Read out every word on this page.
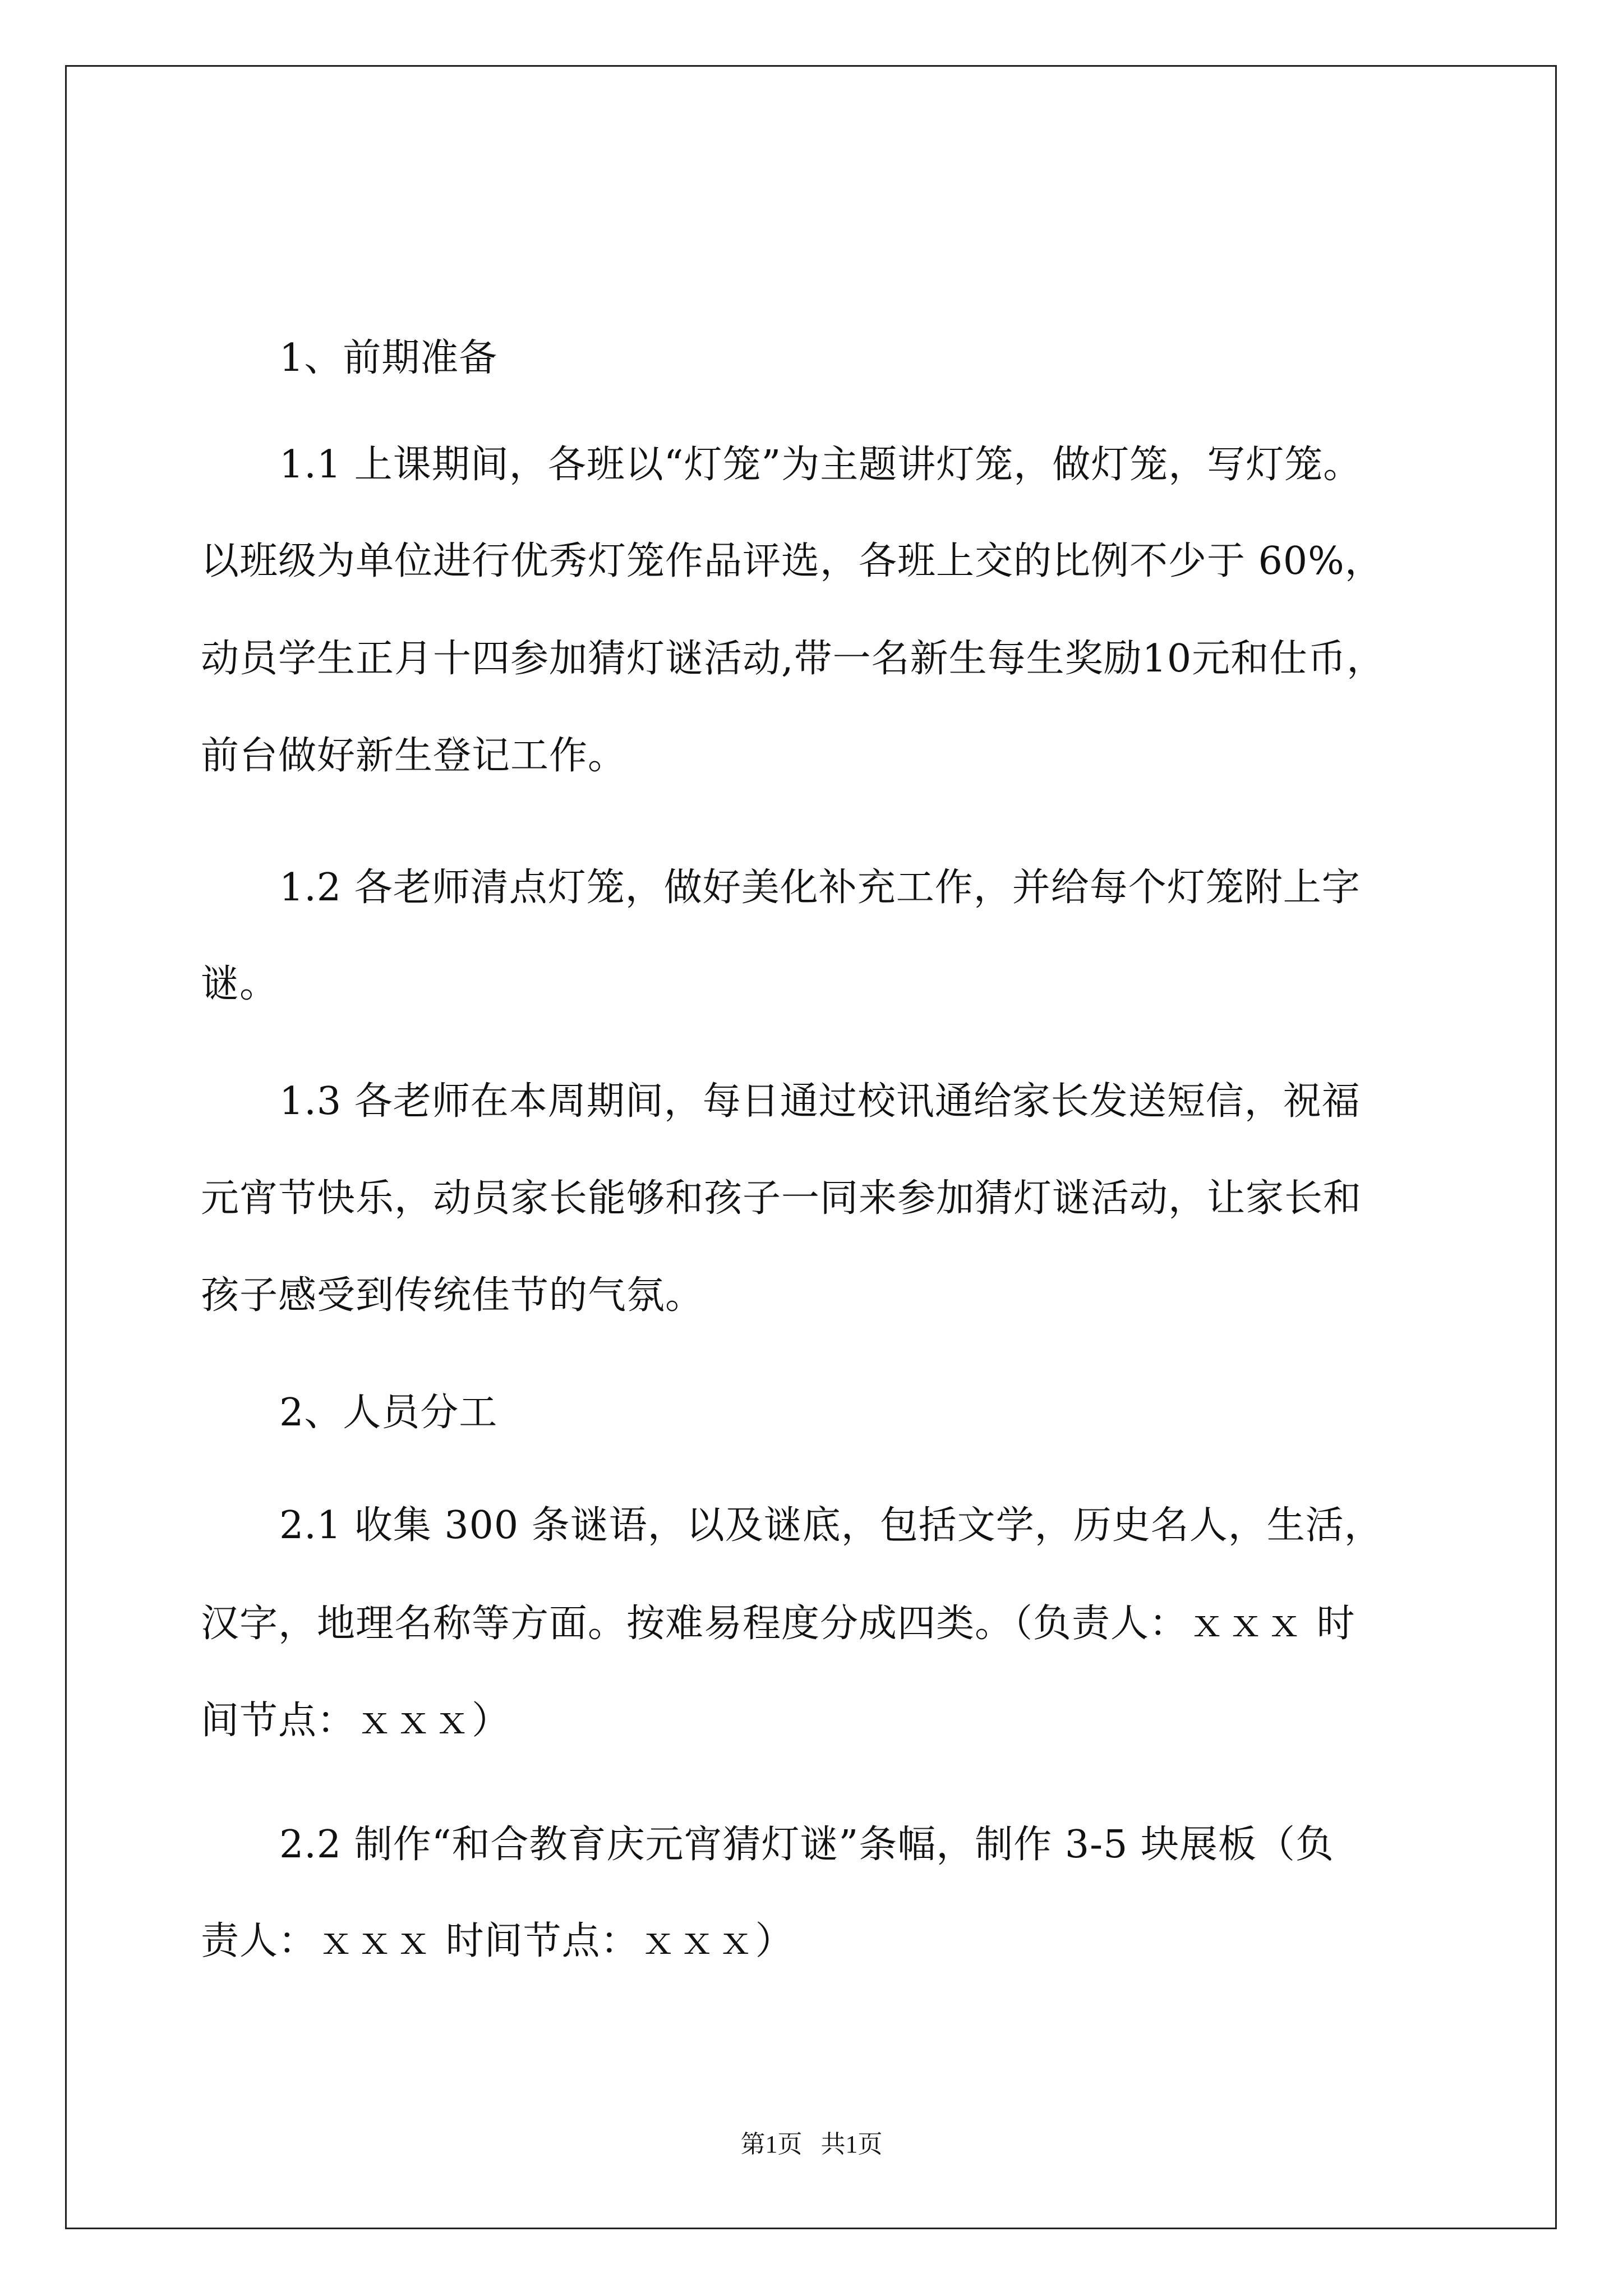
1、前期准备
1.1 上课期间，各班以“灯笼”为主题讲灯笼，做灯笼，写灯笼。
以班级为单位进行优秀灯笼作品评选，各班上交的比例不少于 60%，
动员学生正月十四参加猜灯谜活动,带一名新生每生奖励10元和仕币，
前台做好新生登记工作。
1.2 各老师清点灯笼，做好美化补充工作，并给每个灯笼附上字
谜。
1.3 各老师在本周期间，每日通过校讯通给家长发送短信，祝福
元宵节快乐，动员家长能够和孩子一同来参加猜灯谜活动，让家长和
孩子感受到传统佳节的气氛。
2、人员分工
2.1 收集 300 条谜语，以及谜底，包括文学，历史名人，生活，
汉字，地理名称等方面。按难易程度分成四类。（负责人：ｘｘｘ 时
间节点：ｘｘｘ）
2.2 制作“和合教育庆元宵猜灯谜”条幅，制作 3-5 块展板（负
责人：ｘｘｘ 时间节点：ｘｘｘ）
第1页   共1页
